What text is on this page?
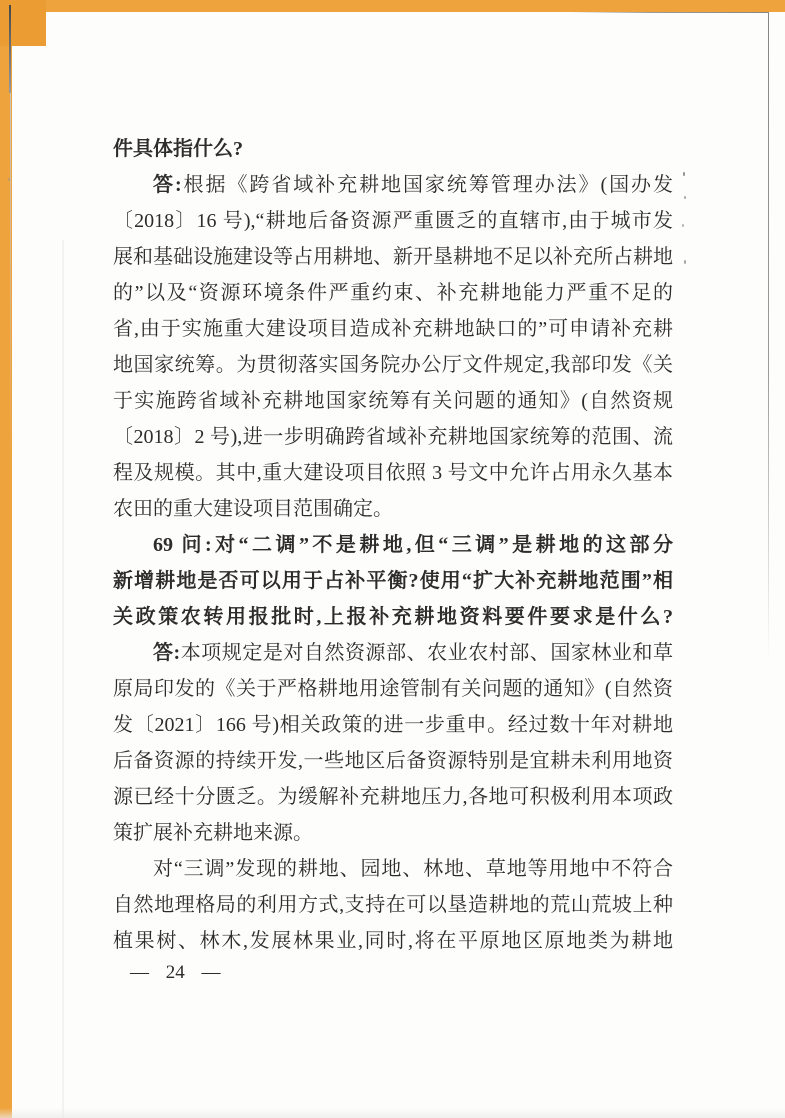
件具体指什么?
答:根据《跨省域补充耕地国家统筹管理办法》(国办发
〔2018〕16 号),“耕地后备资源严重匮乏的直辖市,由于城市发
展和基础设施建设等占用耕地、新开垦耕地不足以补充所占耕地
的”以及“资源环境条件严重约束、补充耕地能力严重不足的
省,由于实施重大建设项目造成补充耕地缺口的”可申请补充耕
地国家统筹。为贯彻落实国务院办公厅文件规定,我部印发《关
于实施跨省域补充耕地国家统筹有关问题的通知》(自然资规
〔2018〕2 号),进一步明确跨省域补充耕地国家统筹的范围、流
程及规模。其中,重大建设项目依照 3 号文中允许占用永久基本
农田的重大建设项目范围确定。
69 问:对“二调”不是耕地,但“三调”是耕地的这部分
新增耕地是否可以用于占补平衡?使用“扩大补充耕地范围”相
关政策农转用报批时,上报补充耕地资料要件要求是什么?
答:本项规定是对自然资源部、农业农村部、国家林业和草
原局印发的《关于严格耕地用途管制有关问题的通知》(自然资
发〔2021〕166 号)相关政策的进一步重申。经过数十年对耕地
后备资源的持续开发,一些地区后备资源特别是宜耕未利用地资
源已经十分匮乏。为缓解补充耕地压力,各地可积极利用本项政
策扩展补充耕地来源。
对“三调”发现的耕地、园地、林地、草地等用地中不符合
自然地理格局的利用方式,支持在可以垦造耕地的荒山荒坡上种
植果树、林木,发展林果业,同时,将在平原地区原地类为耕地
— 24 —
